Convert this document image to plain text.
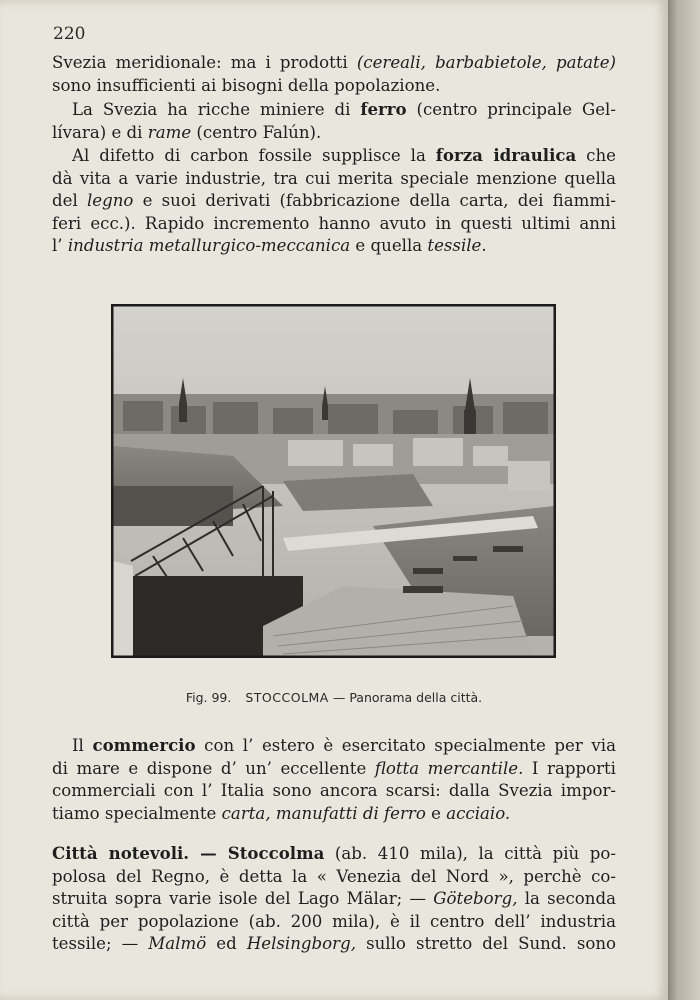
220
Svezia meridionale: ma i prodotti (cereali, barbabietole, patate)
sono insufficienti ai bisogni della popolazione.
La Svezia ha ricche miniere di ferro (centro principale Gel-
lívara) e di rame (centro Falún).
Al difetto di carbon fossile supplisce la forza idraulica che
dà vita a varie industrie, tra cui merita speciale menzione quella
del legno e suoi derivati (fabbricazione della carta, dei fiammi-
feri ecc.). Rapido incremento hanno avuto in questi ultimi anni
l’ industria metallurgico-meccanica e quella tessile.
Fig. 99. STOCCOLMA — Panorama della città.
Il commercio con l’ estero è esercitato specialmente per via
di mare e dispone d’ un’ eccellente flotta mercantile. I rapporti
commerciali con l’ Italia sono ancora scarsi: dalla Svezia impor-
tiamo specialmente carta, manufatti di ferro e acciaio.
Città notevoli. — Stoccolma (ab. 410 mila), la città più po-
polosa del Regno, è detta la « Venezia del Nord », perchè co-
struita sopra varie isole del Lago Mälar; — Göteborg, la seconda
città per popolazione (ab. 200 mila), è il centro dell’ industria
tessile; — Malmö ed Helsingborg, sullo stretto del Sund. sono
